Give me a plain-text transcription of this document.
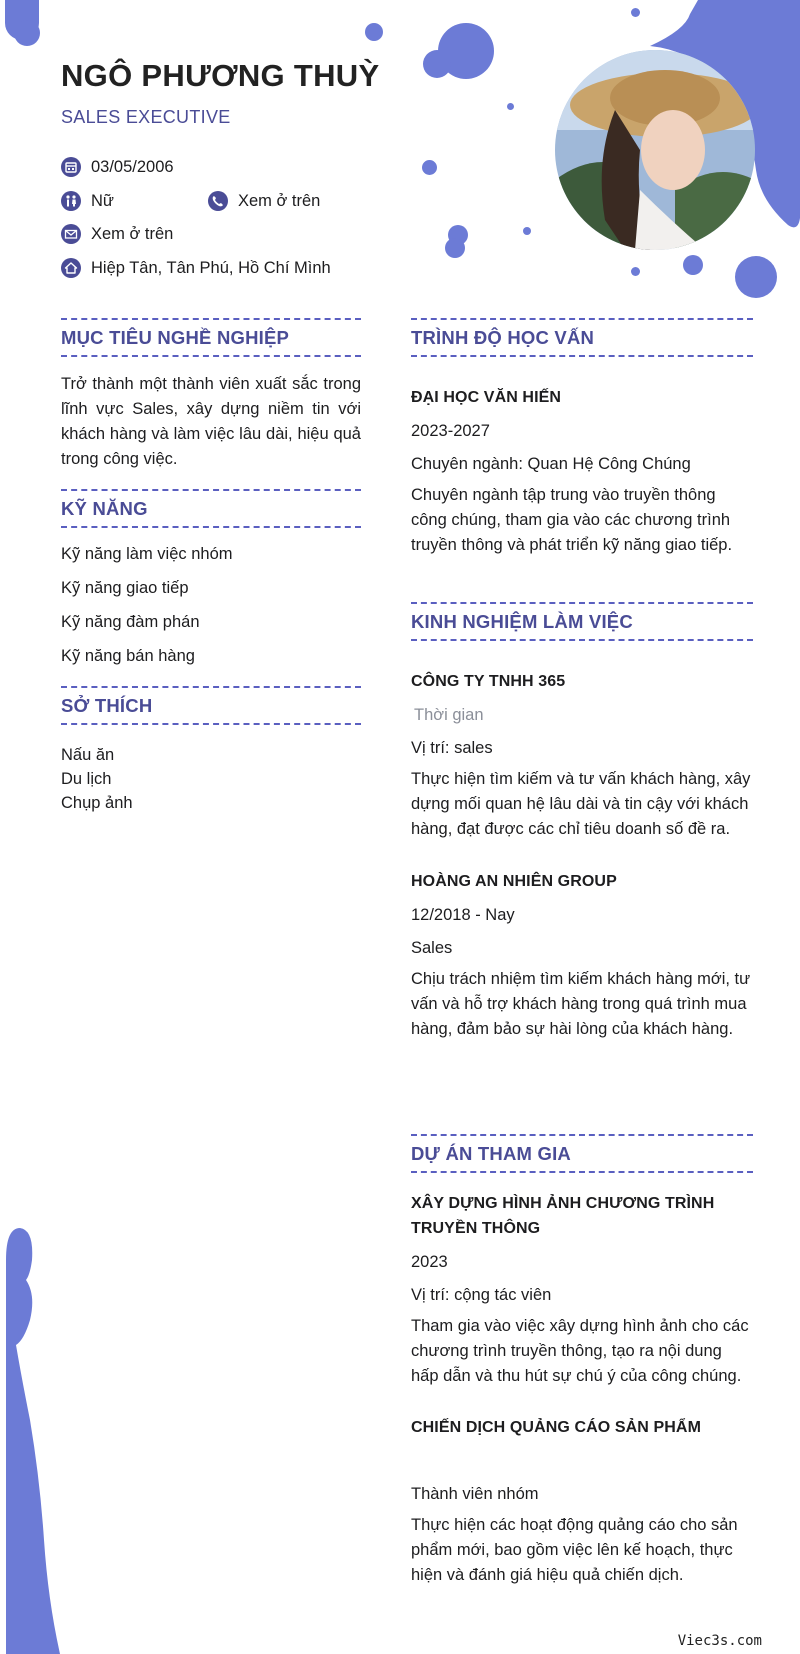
NGÔ PHƯƠNG THUỲ

SALES EXECUTIVE

03/05/2006
Nữ	Xem ở trên
Xem ở trên
Hiệp Tân, Tân Phú, Hồ Chí Mình
MỤC TIÊU NGHỀ NGHIỆP

Trở thành một thành viên xuất sắc trong lĩnh vực Sales, xây dựng niềm tin với khách hàng và làm việc lâu dài, hiệu quả trong công việc.

KỸ NĂNG
Kỹ năng làm việc nhóm
Kỹ năng giao tiếp
Kỹ năng đàm phán
Kỹ năng bán hàng
SỞ THÍCH
Nấu ăn
Du lịch
Chụp ảnh
TRÌNH ĐỘ HỌC VẤN
ĐẠI HỌC VĂN HIẾN
2023-2027
Chuyên ngành: Quan Hệ Công Chúng

Chuyên ngành tập trung vào truyền thông công chúng, tham gia vào các chương trình truyền thông và phát triển kỹ năng giao tiếp.

KINH NGHIỆM LÀM VIỆC
CÔNG TY TNHH 365
Thời gian
Vị trí: sales

Thực hiện tìm kiếm và tư vấn khách hàng, xây dựng mối quan hệ lâu dài và tin cậy với khách hàng, đạt được các chỉ tiêu doanh số đề ra.

HOÀNG AN NHIÊN GROUP
12/2018 - Nay
Sales

Chịu trách nhiệm tìm kiếm khách hàng mới, tư vấn và hỗ trợ khách hàng trong quá trình mua hàng, đảm bảo sự hài lòng của khách hàng.

DỰ ÁN THAM GIA
XÂY DỰNG HÌNH ẢNH CHƯƠNG TRÌNH TRUYỀN THÔNG
2023
Vị trí: cộng tác viên

Tham gia vào việc xây dựng hình ảnh cho các chương trình truyền thông, tạo ra nội dung hấp dẫn và thu hút sự chú ý của công chúng.

CHIẾN DỊCH QUẢNG CÁO SẢN PHẨM
Thành viên nhóm

Thực hiện các hoạt động quảng cáo cho sản phẩm mới, bao gồm việc lên kế hoạch, thực hiện và đánh giá hiệu quả chiến dịch.

Viec3s.com
